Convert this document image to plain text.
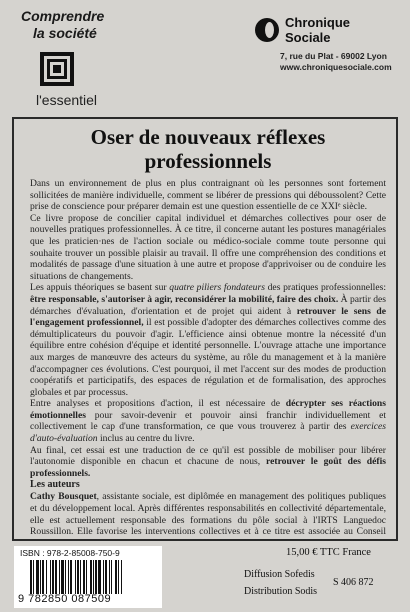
Comprendre
la société
l'essentiel
Chronique
Sociale
7, rue du Plat - 69002 Lyon
www.chroniquesociale.com
Oser de nouveaux réflexes professionnels

Dans un environnement de plus en plus contraignant où les personnes sont fortement sollicitées de manière individuelle, comment se libérer de pressions qui déboussolent? Cette prise de conscience pour préparer demain est une question essentielle de ce XXIᵉ siècle.

Ce livre propose de concilier capital individuel et démarches collectives pour oser de nouvelles pratiques professionnelles. À ce titre, il concerne autant les postures managériales que les praticien·nes de l'action sociale ou médico-sociale comme toute personne qui souhaite trouver un possible plaisir au travail. Il offre une compréhension des conditions et modalités de passage d'une situation à une autre et propose d'apprivoiser ou de conduire les situations de changements.

Les appuis théoriques se basent sur quatre piliers fondateurs des pratiques professionnelles: être responsable, s'autoriser à agir, reconsidérer la mobilité, faire des choix. À partir des démarches d'évaluation, d'orientation et de projet qui aident à retrouver le sens de l'engagement professionnel, il est possible d'adopter des démarches collectives comme des démultiplicateurs du pouvoir d'agir. L'efficience ainsi obtenue montre la nécessité d'un équilibre entre cohésion d'équipe et identité personnelle. L'ouvrage attache une importance aux marges de manœuvre des acteurs du système, au rôle du management et à la manière d'accompagner ces évolutions. C'est pourquoi, il met l'accent sur des modes de production coopératifs et participatifs, des espaces de régulation et de formalisation, des approches globales et par processus.

Entre analyses et propositions d'action, il est nécessaire de décrypter ses réactions émotionnelles pour savoir-devenir et pouvoir ainsi franchir individuellement et collectivement le cap d'une transformation, ce que vous trouverez à partir des exercices d'auto-évaluation inclus au centre du livre.

Au final, cet essai est une traduction de ce qu'il est possible de mobiliser pour libérer l'autonomie disponible en chacun et chacune de nous, retrouver le goût des défis professionnels.

Les auteurs

Cathy Bousquet, assistante sociale, est diplômée en management des politiques publiques et du développement local. Après différentes responsabilités en collectivité départementale, elle est actuellement responsable des formations du pôle social à l'IRTS Languedoc Roussillon. Elle favorise les interventions collectives et à ce titre est associée au Conseil

ISBN : 978-2-85008-750-9
9 782850 087509
15,00 € TTC France
Diffusion Sofedis
Distribution Sodis
S 406 872
